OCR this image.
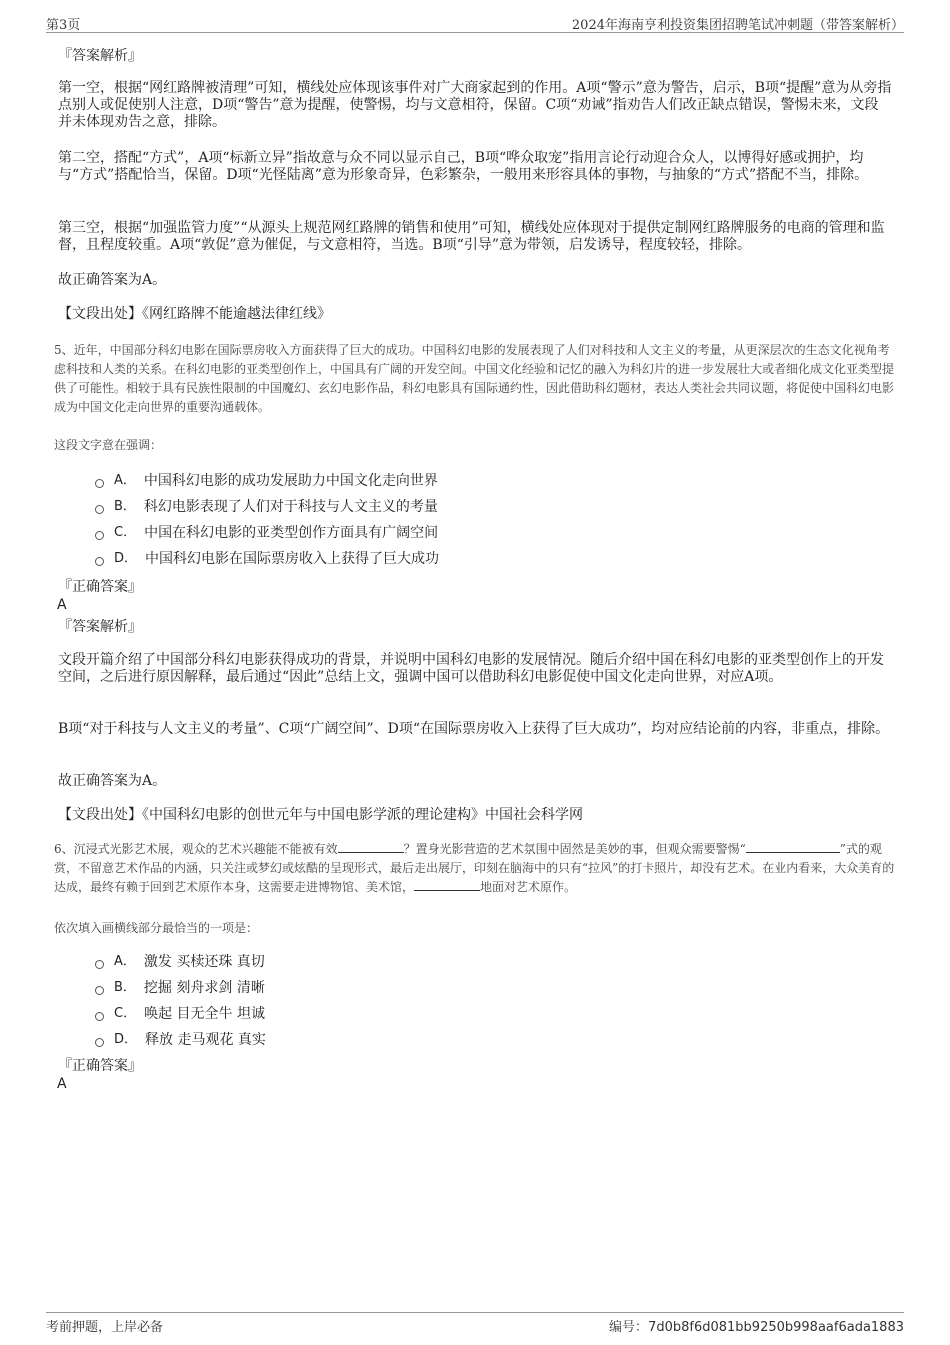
第3页	2024年海南亨利投资集团招聘笔试冲刺题（带答案解析）
『答案解析』
第一空，根据“网红路牌被清理”可知，横线处应体现该事件对广大商家起到的作用。A项“警示”意为警告，启示，B项“提醒”意为从旁指点别人或促使别人注意，D项“警告”意为提醒，使警惕，均与文意相符，保留。C项“劝诫”指劝告人们改正缺点错误，警惕未来，文段并未体现劝告之意，排除。
第二空，搭配“方式”，A项“标新立异”指故意与众不同以显示自己，B项“哗众取宠”指用言论行动迎合众人，以博得好感或拥护，均与“方式”搭配恰当，保留。D项“光怪陆离”意为形象奇异，色彩繁杂，一般用来形容具体的事物，与抽象的“方式”搭配不当，排除。
第三空，根据“加强监管力度”“从源头上规范网红路牌的销售和使用”可知，横线处应体现对于提供定制网红路牌服务的电商的管理和监督，且程度较重。A项“敦促”意为催促，与文意相符，当选。B项“引导”意为带领，启发诱导，程度较轻，排除。
故正确答案为A。
【文段出处】《网红路牌不能逾越法律红线》
5、近年，中国部分科幻电影在国际票房收入方面获得了巨大的成功。中国科幻电影的发展表现了人们对科技和人文主义的考量，从更深层次的生态文化视角考虑科技和人类的关系。在科幻电影的亚类型创作上，中国具有广阔的开发空间。中国文化经验和记忆的融入为科幻片的进一步发展壮大或者细化成文化亚类型提供了可能性。相较于具有民族性限制的中国魔幻、玄幻电影作品，科幻电影具有国际通约性，因此借助科幻题材，表达人类社会共同议题，将促使中国科幻电影成为中国文化走向世界的重要沟通载体。
这段文字意在强调：
A． 中国科幻电影的成功发展助力中国文化走向世界
B． 科幻电影表现了人们对于科技与人文主义的考量
C． 中国在科幻电影的亚类型创作方面具有广阔空间
D． 中国科幻电影在国际票房收入上获得了巨大成功
『正确答案』
A
『答案解析』
文段开篇介绍了中国部分科幻电影获得成功的背景，并说明中国科幻电影的发展情况。随后介绍中国在科幻电影的亚类型创作上的开发空间，之后进行原因解释，最后通过“因此”总结上文，强调中国可以借助科幻电影促使中国文化走向世界，对应A项。
B项“对于科技与人文主义的考量”、C项“广阔空间”、D项“在国际票房收入上获得了巨大成功”，均对应结论前的内容，非重点，排除。
故正确答案为A。
【文段出处】《中国科幻电影的创世元年与中国电影学派的理论建构》中国社会科学网
6、沉浸式光影艺术展，观众的艺术兴趣能不能被有效	？置身光影营造的艺术氛围中固然是美妙的事，但观众需要警惕“	”式的观赏，不留意艺术作品的内涵，只关注或梦幻或炫酷的呈现形式，最后走出展厅，印刻在脑海中的只有“拉风”的打卡照片，却没有艺术。在业内看来，大众美育的达成，最终有赖于回到艺术原作本身，这需要走进博物馆、美术馆，	地面对艺术原作。
依次填入画横线部分最恰当的一项是：
A． 激发 买椟还珠 真切
B． 挖掘 刻舟求剑 清晰
C． 唤起 目无全牛 坦诚
D． 释放 走马观花 真实
『正确答案』
A
考前押题，上岸必备	编号：7d0b8f6d081bb9250b998aaf6ada1883
